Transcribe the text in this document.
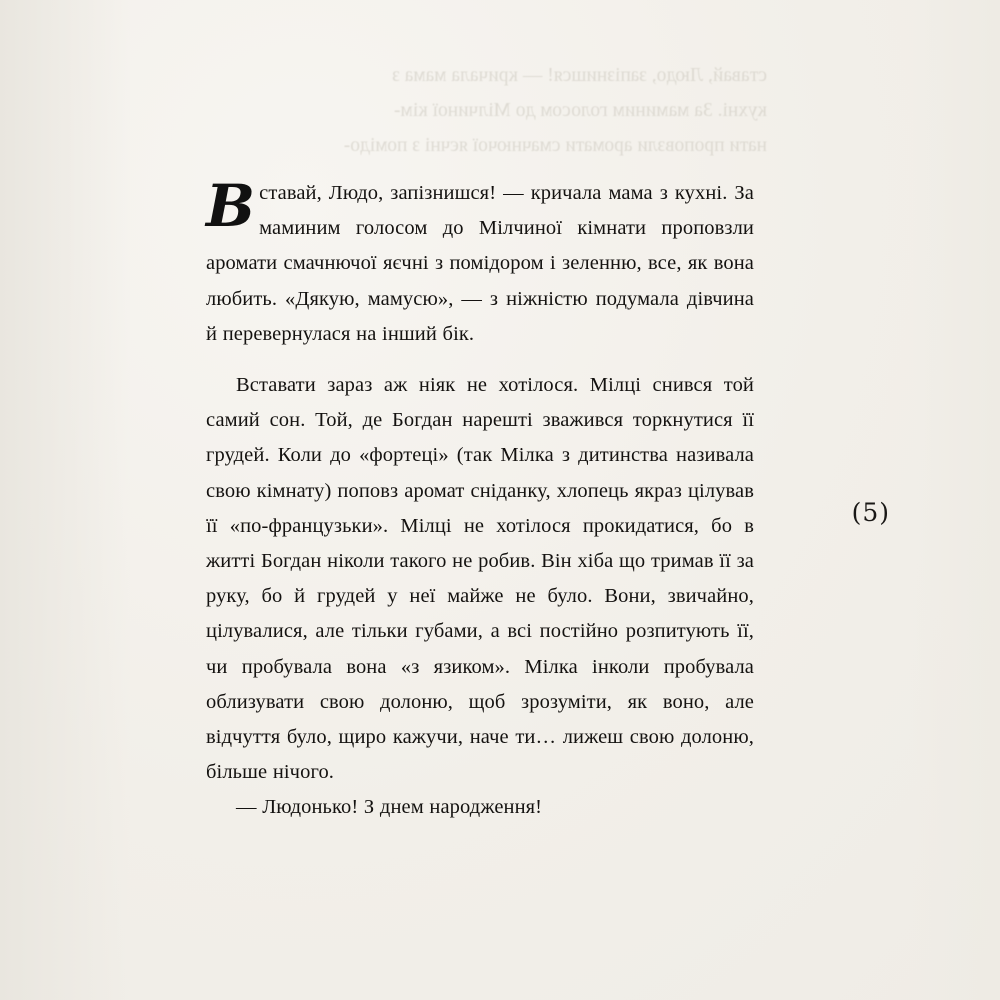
ставай, Людо, запізнишся! — кричала мама з
кухні. За маминим голосом до Мілчиної кім-
нати проповзли аромати смачнючої яєчні з помідо-

Вставай, Людо, запізнишся! — кричала мама з кухні. За маминим голосом до Мілчиної кімнати проповзли аромати смачнючої яєчні з помідором і зеленню, все, як вона любить. «Дякую, мамусю», — з ніжністю подумала дівчина й перевернулася на інший бік.

Вставати зараз аж ніяк не хотілося. Мілці снився той самий сон. Той, де Богдан нарешті зважився торкнутися її грудей. Коли до «фортеці» (так Мілка з дитинства називала свою кімнату) поповз аромат сніданку, хлопець якраз цілував її «по-французьки». Мілці не хотілося прокидатися, бо в житті Богдан ніколи такого не робив. Він хіба що тримав її за руку, бо й грудей у неї майже не було. Вони, звичайно, цілувалися, але тільки губами, а всі постійно розпитують її, чи пробувала вона «з язиком». Мілка інколи пробувала облизувати свою долоню, щоб зрозуміти, як воно, але відчуття було, щиро кажучи, наче ти… лижеш свою долоню, більше нічого.

— Людонько! З днем народження!

(5)
